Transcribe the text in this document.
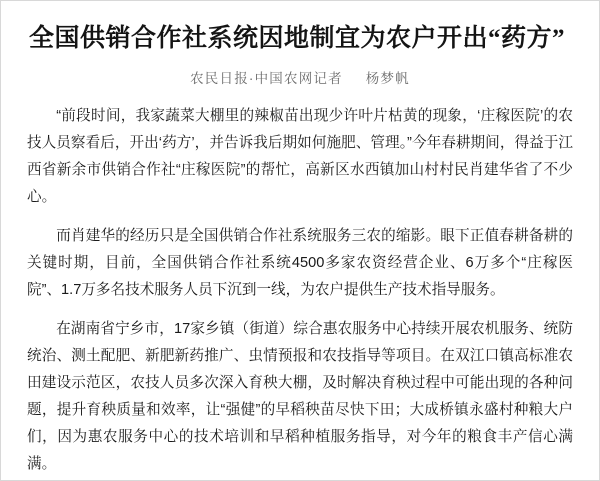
全国供销合作社系统因地制宜为农户开出“药方”
农民日报·中国农网记者 杨梦帆

“前段时间，我家蔬菜大棚里的辣椒苗出现少许叶片枯黄的现象，‘庄稼医院’的农技人员察看后，开出‘药方’，并告诉我后期如何施肥、管理。”今年春耕期间，得益于江西省新余市供销合作社“庄稼医院”的帮忙，高新区水西镇加山村村民肖建华省了不少心。

而肖建华的经历只是全国供销合作社系统服务三农的缩影。眼下正值春耕备耕的关键时期，目前，全国供销合作社系统4500多家农资经营企业、6万多个“庄稼医院”、1.7万多名技术服务人员下沉到一线，为农户提供生产技术指导服务。

在湖南省宁乡市，17家乡镇（街道）综合惠农服务中心持续开展农机服务、统防统治、测土配肥、新肥新药推广、虫情预报和农技指导等项目。在双江口镇高标准农田建设示范区，农技人员多次深入育秧大棚，及时解决育秧过程中可能出现的各种问题，提升育秧质量和效率，让“强健”的早稻秧苗尽快下田；大成桥镇永盛村种粮大户们，因为惠农服务中心的技术培训和早稻种植服务指导，对今年的粮食丰产信心满满。
